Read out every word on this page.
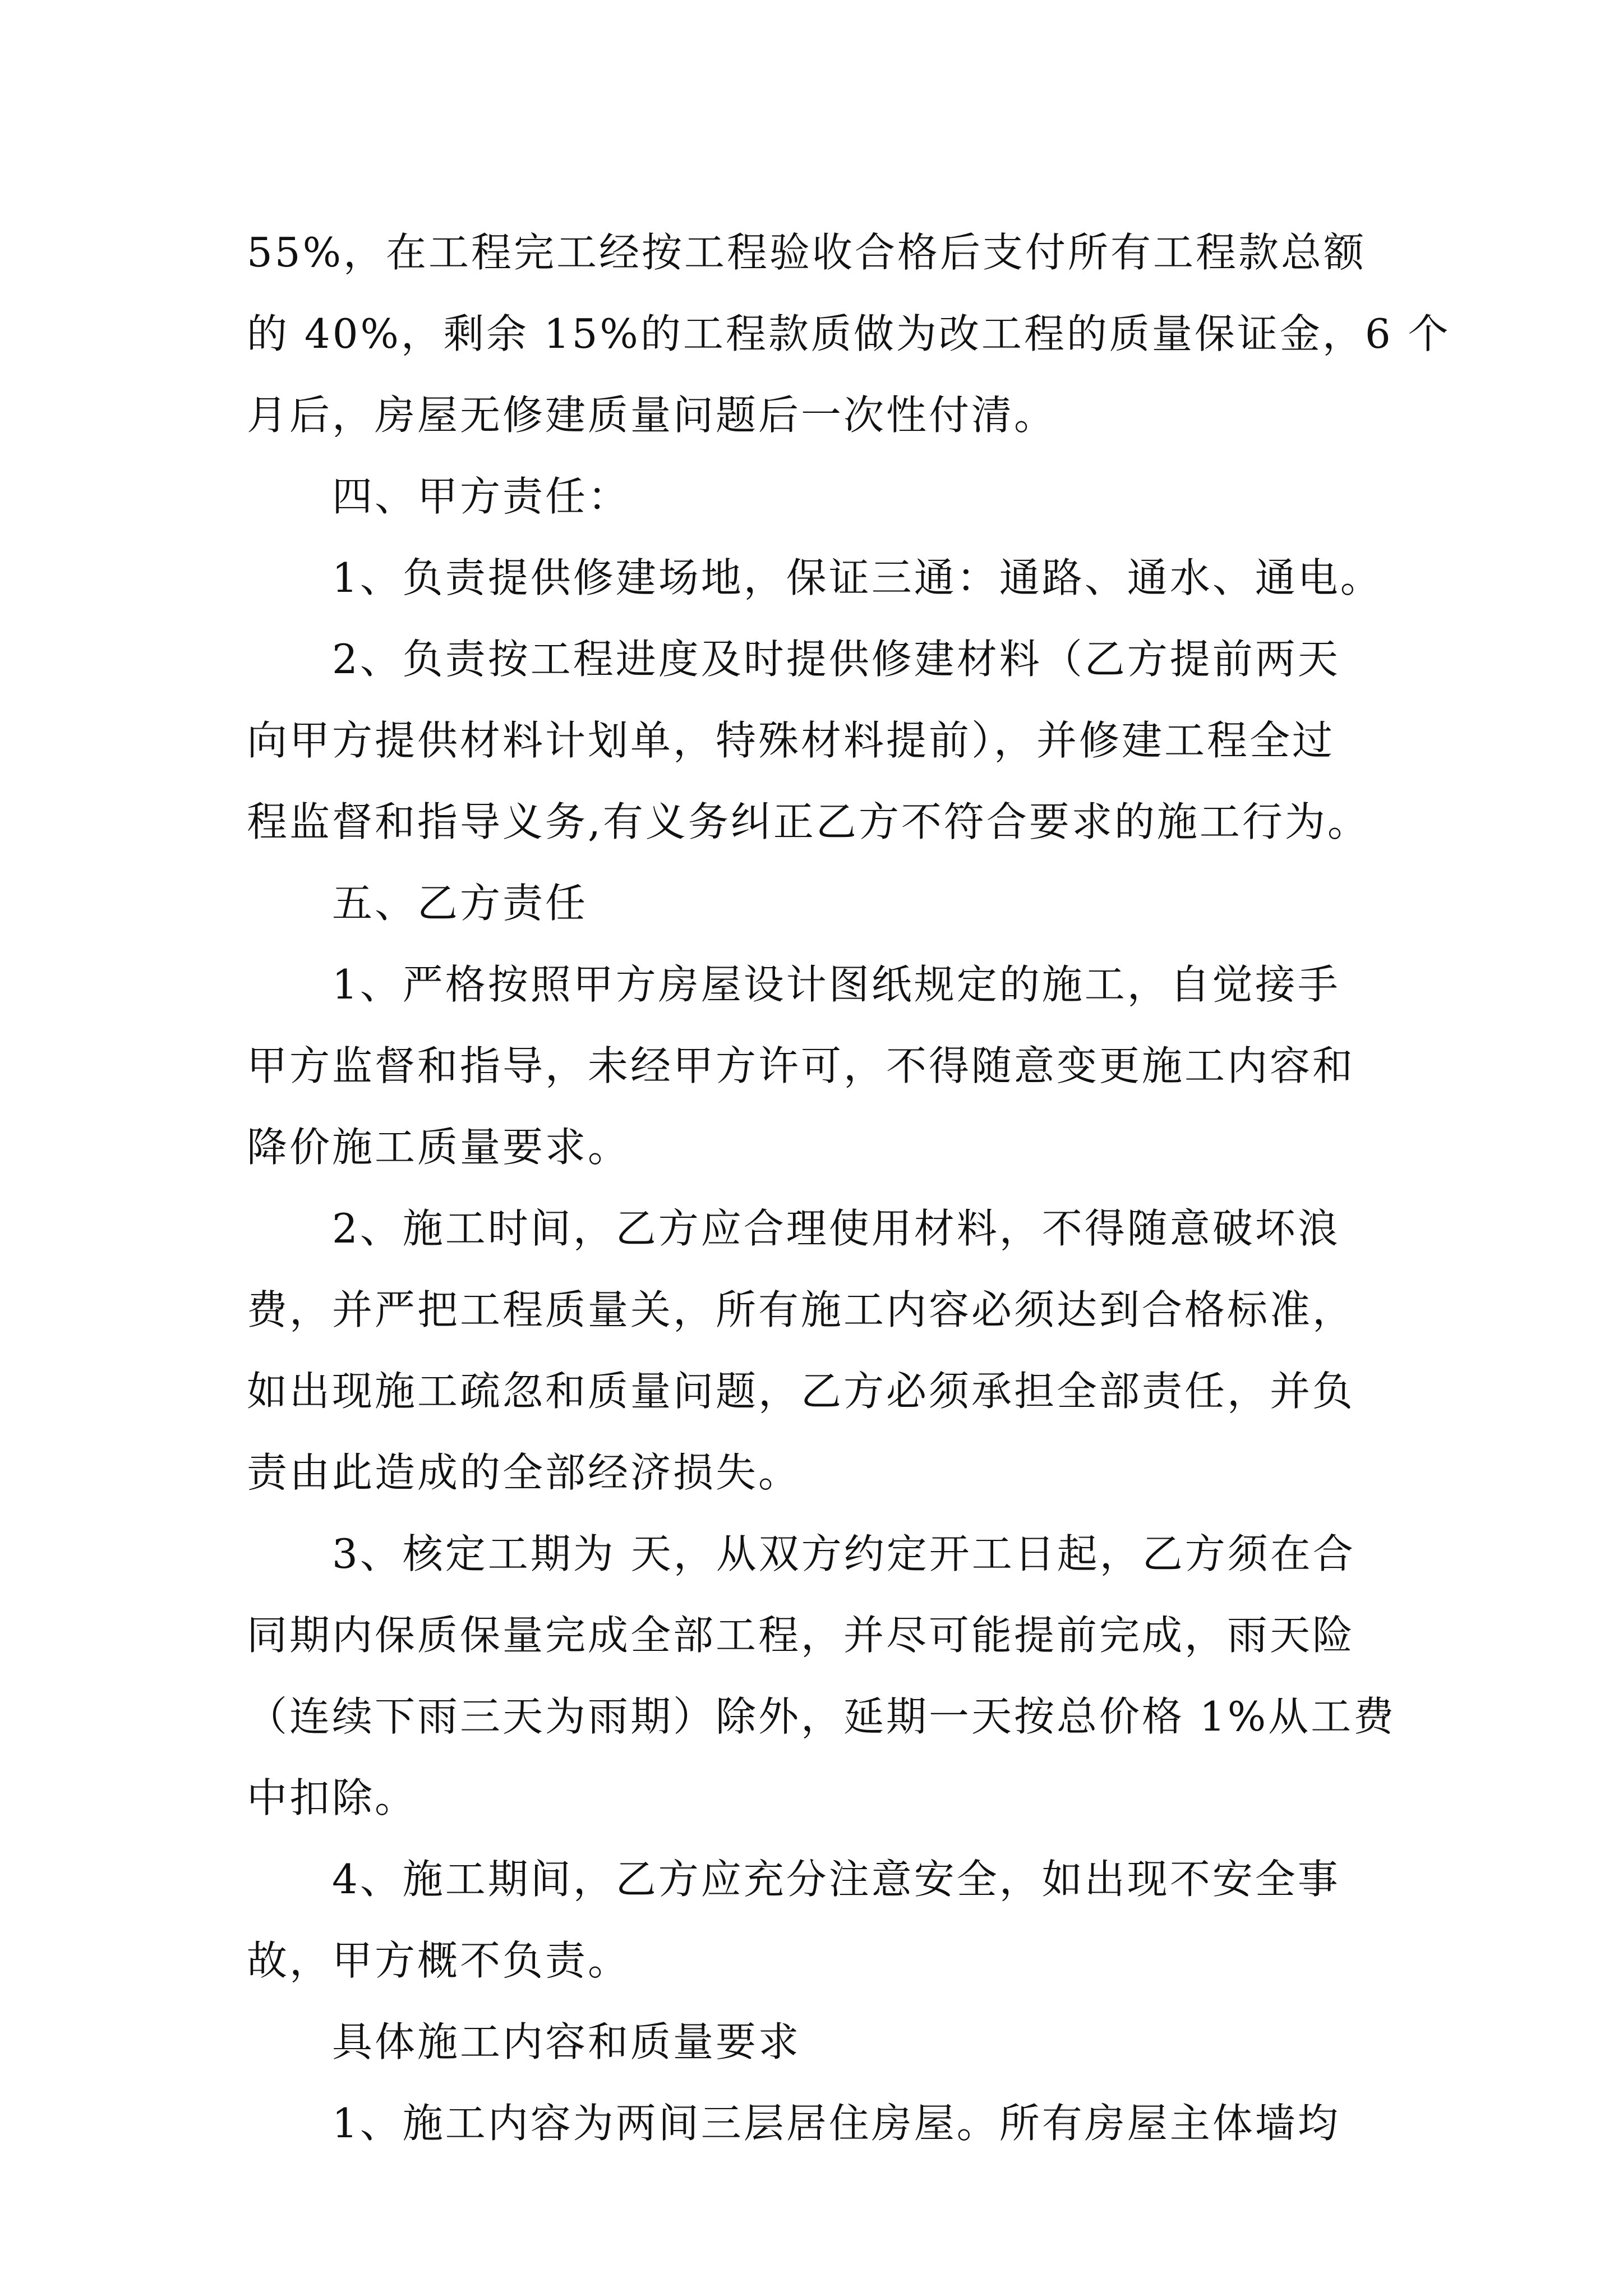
55%，在工程完工经按工程验收合格后支付所有工程款总额
的 40%，剩余 15%的工程款质做为改工程的质量保证金，6 个
月后，房屋无修建质量问题后一次性付清。
　　四、甲方责任：
　　1、负责提供修建场地，保证三通：通路、通水、通电。
　　2、负责按工程进度及时提供修建材料（乙方提前两天
向甲方提供材料计划单，特殊材料提前），并修建工程全过
程监督和指导义务,有义务纠正乙方不符合要求的施工行为。
　　五、乙方责任
　　1、严格按照甲方房屋设计图纸规定的施工，自觉接手
甲方监督和指导，未经甲方许可，不得随意变更施工内容和
降价施工质量要求。
　　2、施工时间，乙方应合理使用材料，不得随意破坏浪
费，并严把工程质量关，所有施工内容必须达到合格标准，
如出现施工疏忽和质量问题，乙方必须承担全部责任，并负
责由此造成的全部经济损失。
　　3、核定工期为 天，从双方约定开工日起，乙方须在合
同期内保质保量完成全部工程，并尽可能提前完成，雨天险
（连续下雨三天为雨期）除外，延期一天按总价格 1%从工费
中扣除。
　　4、施工期间，乙方应充分注意安全，如出现不安全事
故，甲方概不负责。
　　具体施工内容和质量要求
　　1、施工内容为两间三层居住房屋。所有房屋主体墙均
